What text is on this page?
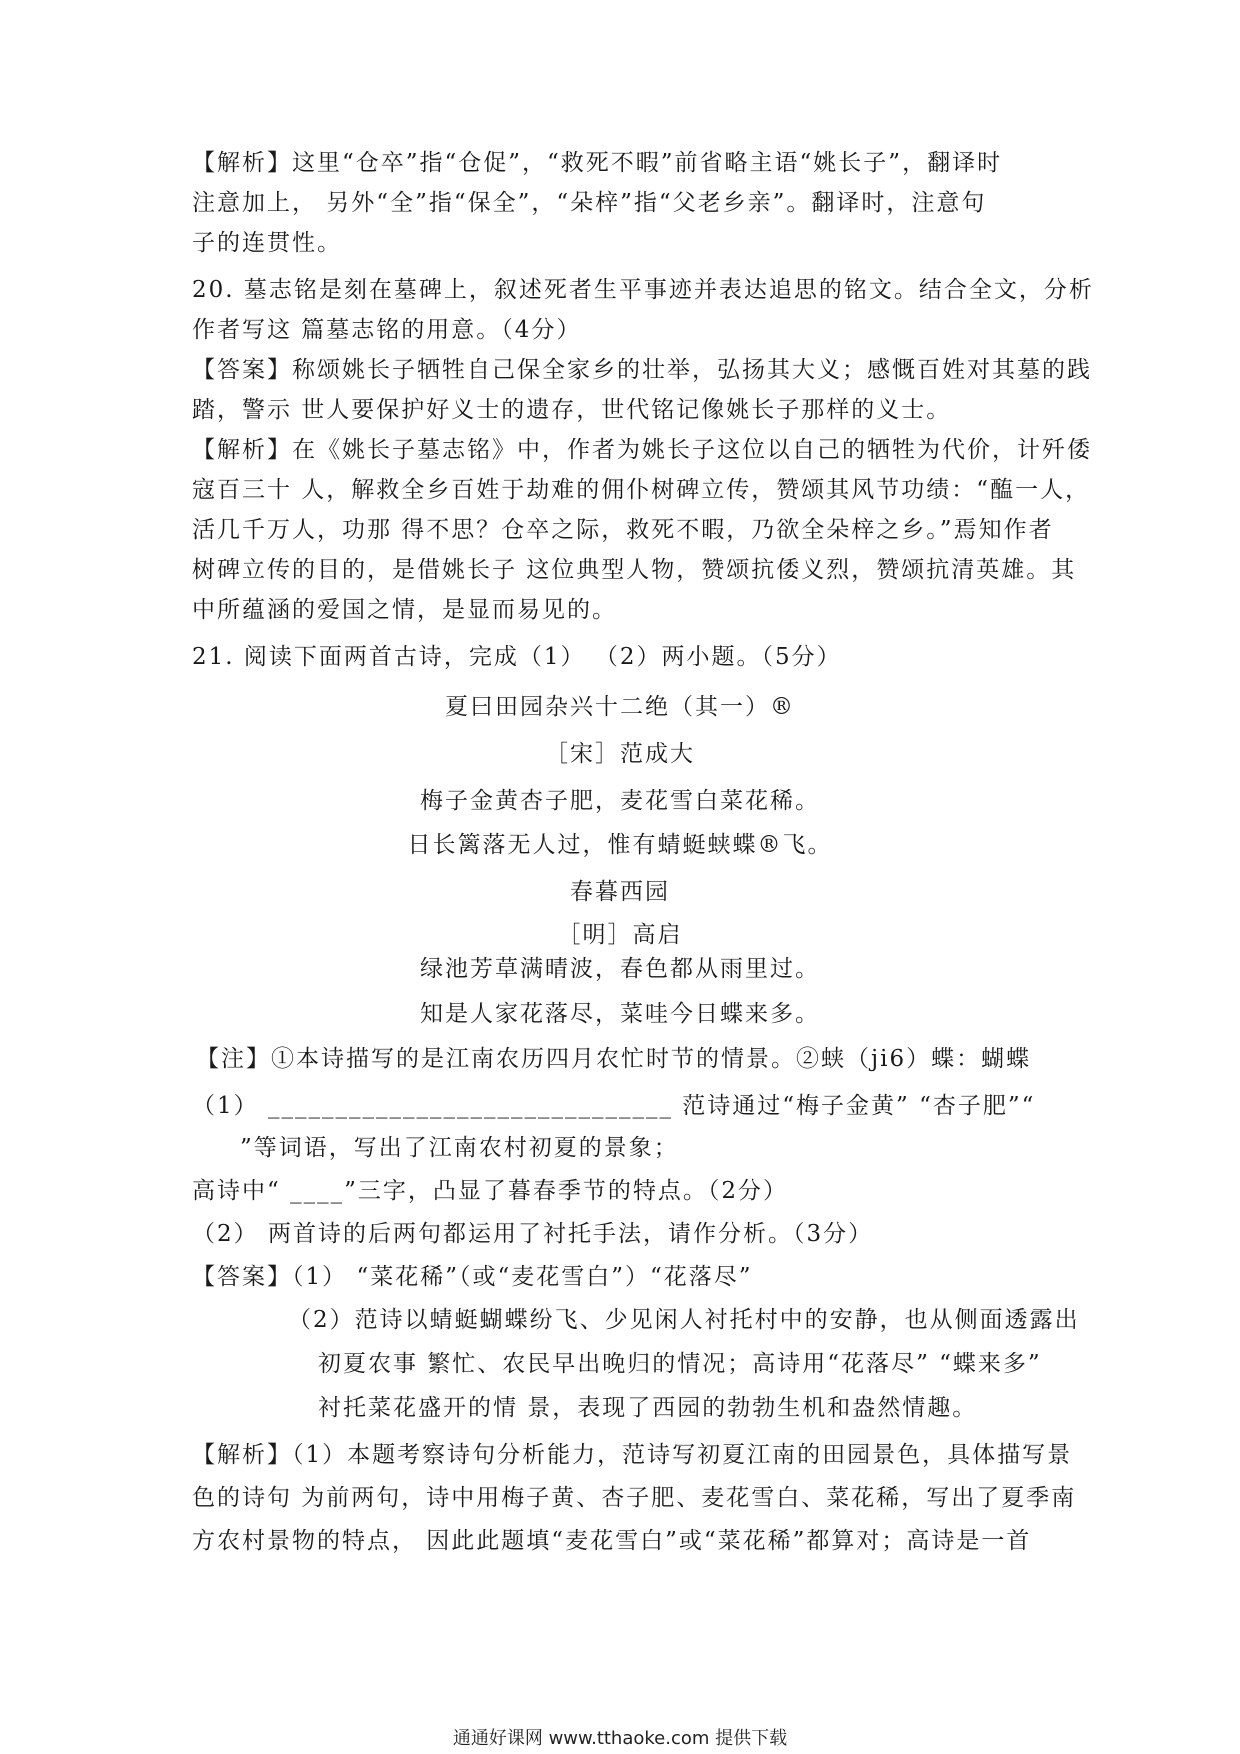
【解析】这里“仓卒”指“仓促”，“救死不暇”前省略主语“姚长子”，翻译时
注意加上， 另外“全”指“保全”，“朵梓”指“父老乡亲”。翻译时，注意句
子的连贯性。
20. 墓志铭是刻在墓碑上，叙述死者生平事迹并表达追思的铭文。结合全文，分析
作者写这 篇墓志铭的用意。（4分）
【答案】称颂姚长子牺牲自己保全家乡的壮举，弘扬其大义；感慨百姓对其墓的践
踏，警示 世人要保护好义士的遗存，世代铭记像姚长子那样的义士。
【解析】在《姚长子墓志铭》中，作者为姚长子这位以自己的牺牲为代价，计歼倭
寇百三十 人，解救全乡百姓于劫难的佣仆树碑立传，赞颂其风节功绩：“醢一人，
活几千万人，功那 得不思？仓卒之际，救死不暇，乃欲全朵梓之乡。”焉知作者
树碑立传的目的，是借姚长子 这位典型人物，赞颂抗倭义烈，赞颂抗清英雄。其
中所蕴涵的爱国之情，是显而易见的。
21. 阅读下面两首古诗，完成（1） （2）两小题。（5分）
夏曰田园杂兴十二绝（其一）®
［宋］范成大
梅子金黄杏子肥，麦花雪白菜花稀。
日长篱落无人过，惟有蜻蜓蛱蝶®飞。
春暮西园
［明］高启
绿池芳草满晴波，春色都从雨里过。
知是人家花落尽，菜哇今日蝶来多。
【注】①本诗描写的是江南农历四月农忙时节的情景。②蛱（ji6）蝶：蝴蝶
（1） ______________________________ 范诗通过“梅子金黄” “杏子肥”“
”等词语，写出了江南农村初夏的景象；
高诗中“ ____”三字，凸显了暮春季节的特点。（2分）
（2） 两首诗的后两句都运用了衬托手法，请作分析。（3分）
【答案】（1） “菜花稀”（或“麦花雪白”）“花落尽”
（2）范诗以蜻蜓蝴蝶纷飞、少见闲人衬托村中的安静，也从侧面透露出
初夏农事 繁忙、农民早出晚归的情况；高诗用“花落尽” “蝶来多”
衬托菜花盛开的情 景，表现了西园的勃勃生机和盎然情趣。
【解析】（1）本题考察诗句分析能力，范诗写初夏江南的田园景色，具体描写景
色的诗句 为前两句，诗中用梅子黄、杏子肥、麦花雪白、菜花稀，写出了夏季南
方农村景物的特点， 因此此题填“麦花雪白”或“菜花稀”都算对；高诗是一首
通通好课网 www.tthaoke.com 提供下载
